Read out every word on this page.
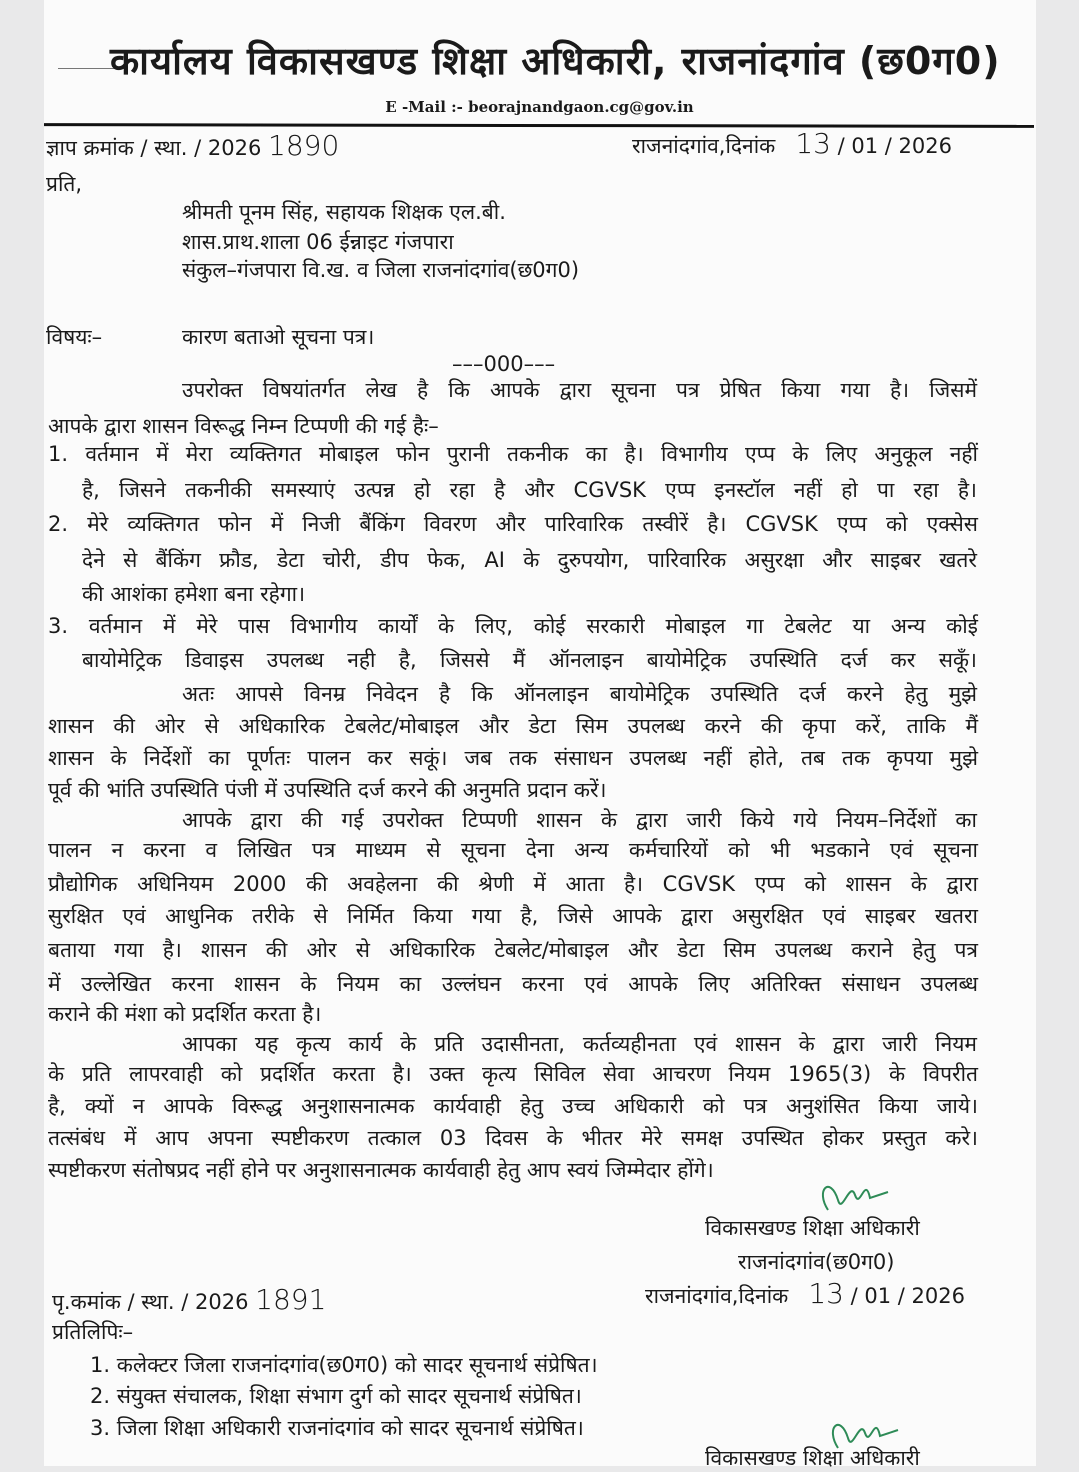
कार्यालय विकासखण्ड शिक्षा अधिकारी, राजनांदगांव (छ0ग0)
E -Mail :- beorajnandgaon.cg@gov.in
ज्ञाप क्रमांक / स्था. / 2026 1890	राजनांदगांव,दिनांक 13 / 01 / 2026
प्रति,
श्रीमती पूनम सिंह, सहायक शिक्षक एल.बी.
शास.प्राथ.शाला 06 ईन्नाइट गंजपारा
संकुल–गंजपारा वि.ख. व जिला राजनांदगांव(छ0ग0)
विषयः–	कारण बताओ सूचना पत्र।
–––000–––
उपरोक्त विषयांतर्गत लेख है कि आपके द्वारा सूचना पत्र प्रेषित किया गया है। जिसमें
आपके द्वारा शासन विरूद्ध निम्न टिप्पणी की गई हैः–
1. वर्तमान में मेरा व्यक्तिगत मोबाइल फोन पुरानी तकनीक का है। विभागीय एप्प के लिए अनुकूल नहीं
है, जिसने तकनीकी समस्याएं उत्पन्न हो रहा है और CGVSK एप्प इनस्टॉल नहीं हो पा रहा है।
2. मेरे व्यक्तिगत फोन में निजी बैंकिंग विवरण और पारिवारिक तस्वीरें है। CGVSK एप्प को एक्सेस
देने से बैंकिंग फ्रौड, डेटा चोरी, डीप फेक, AI के दुरुपयोग, पारिवारिक असुरक्षा और साइबर खतरे
की आशंका हमेशा बना रहेगा।
3. वर्तमान में मेरे पास विभागीय कार्यों के लिए, कोई सरकारी मोबाइल गा टेबलेट या अन्य कोई
बायोमेट्रिक डिवाइस उपलब्ध नही है, जिससे मैं ऑनलाइन बायोमेट्रिक उपस्थिति दर्ज कर सकूँ।
अतः आपसे विनम्र निवेदन है कि ऑनलाइन बायोमेट्रिक उपस्थिति दर्ज करने हेतु मुझे
शासन की ओर से अधिकारिक टेबलेट/मोबाइल और डेटा सिम उपलब्ध करने की कृपा करें, ताकि मैं
शासन के निर्देशों का पूर्णतः पालन कर सकूं। जब तक संसाधन उपलब्ध नहीं होते, तब तक कृपया मुझे
पूर्व की भांति उपस्थिति पंजी में उपस्थिति दर्ज करने की अनुमति प्रदान करें।
आपके द्वारा की गई उपरोक्त टिप्पणी शासन के द्वारा जारी किये गये नियम–निर्देशों का
पालन न करना व लिखित पत्र माध्यम से सूचना देना अन्य कर्मचारियों को भी भडकाने एवं सूचना
प्रौद्योगिक अधिनियम 2000 की अवहेलना की श्रेणी में आता है। CGVSK एप्प को शासन के द्वारा
सुरक्षित एवं आधुनिक तरीके से निर्मित किया गया है, जिसे आपके द्वारा असुरक्षित एवं साइबर खतरा
बताया गया है। शासन की ओर से अधिकारिक टेबलेट/मोबाइल और डेटा सिम उपलब्ध कराने हेतु पत्र
में उल्लेखित करना शासन के नियम का उल्लंघन करना एवं आपके लिए अतिरिक्त संसाधन उपलब्ध
कराने की मंशा को प्रदर्शित करता है।
आपका यह कृत्य कार्य के प्रति उदासीनता, कर्तव्यहीनता एवं शासन के द्वारा जारी नियम
के प्रति लापरवाही को प्रदर्शित करता है। उक्त कृत्य सिविल सेवा आचरण नियम 1965(3) के विपरीत
है, क्यों न आपके विरूद्ध अनुशासनात्मक कार्यवाही हेतु उच्च अधिकारी को पत्र अनुशंसित किया जाये।
तत्संबंध में आप अपना स्पष्टीकरण तत्काल 03 दिवस के भीतर मेरे समक्ष उपस्थित होकर प्रस्तुत करे।
स्पष्टीकरण संतोषप्रद नहीं होने पर अनुशासनात्मक कार्यवाही हेतु आप स्वयं जिम्मेदार होंगे।
विकासखण्ड शिक्षा अधिकारी
राजनांदगांव(छ0ग0)
पृ.कमांक / स्था. / 2026 1891	राजनांदगांव,दिनांक 13 / 01 / 2026
प्रतिलिपिः–
1. कलेक्टर जिला राजनांदगांव(छ0ग0) को सादर सूचनार्थ संप्रेषित।
2. संयुक्त संचालक, शिक्षा संभाग दुर्ग को सादर सूचनार्थ संप्रेषित।
3. जिला शिक्षा अधिकारी राजनांदगांव को सादर सूचनार्थ संप्रेषित।
विकासखण्ड शिक्षा अधिकारी
